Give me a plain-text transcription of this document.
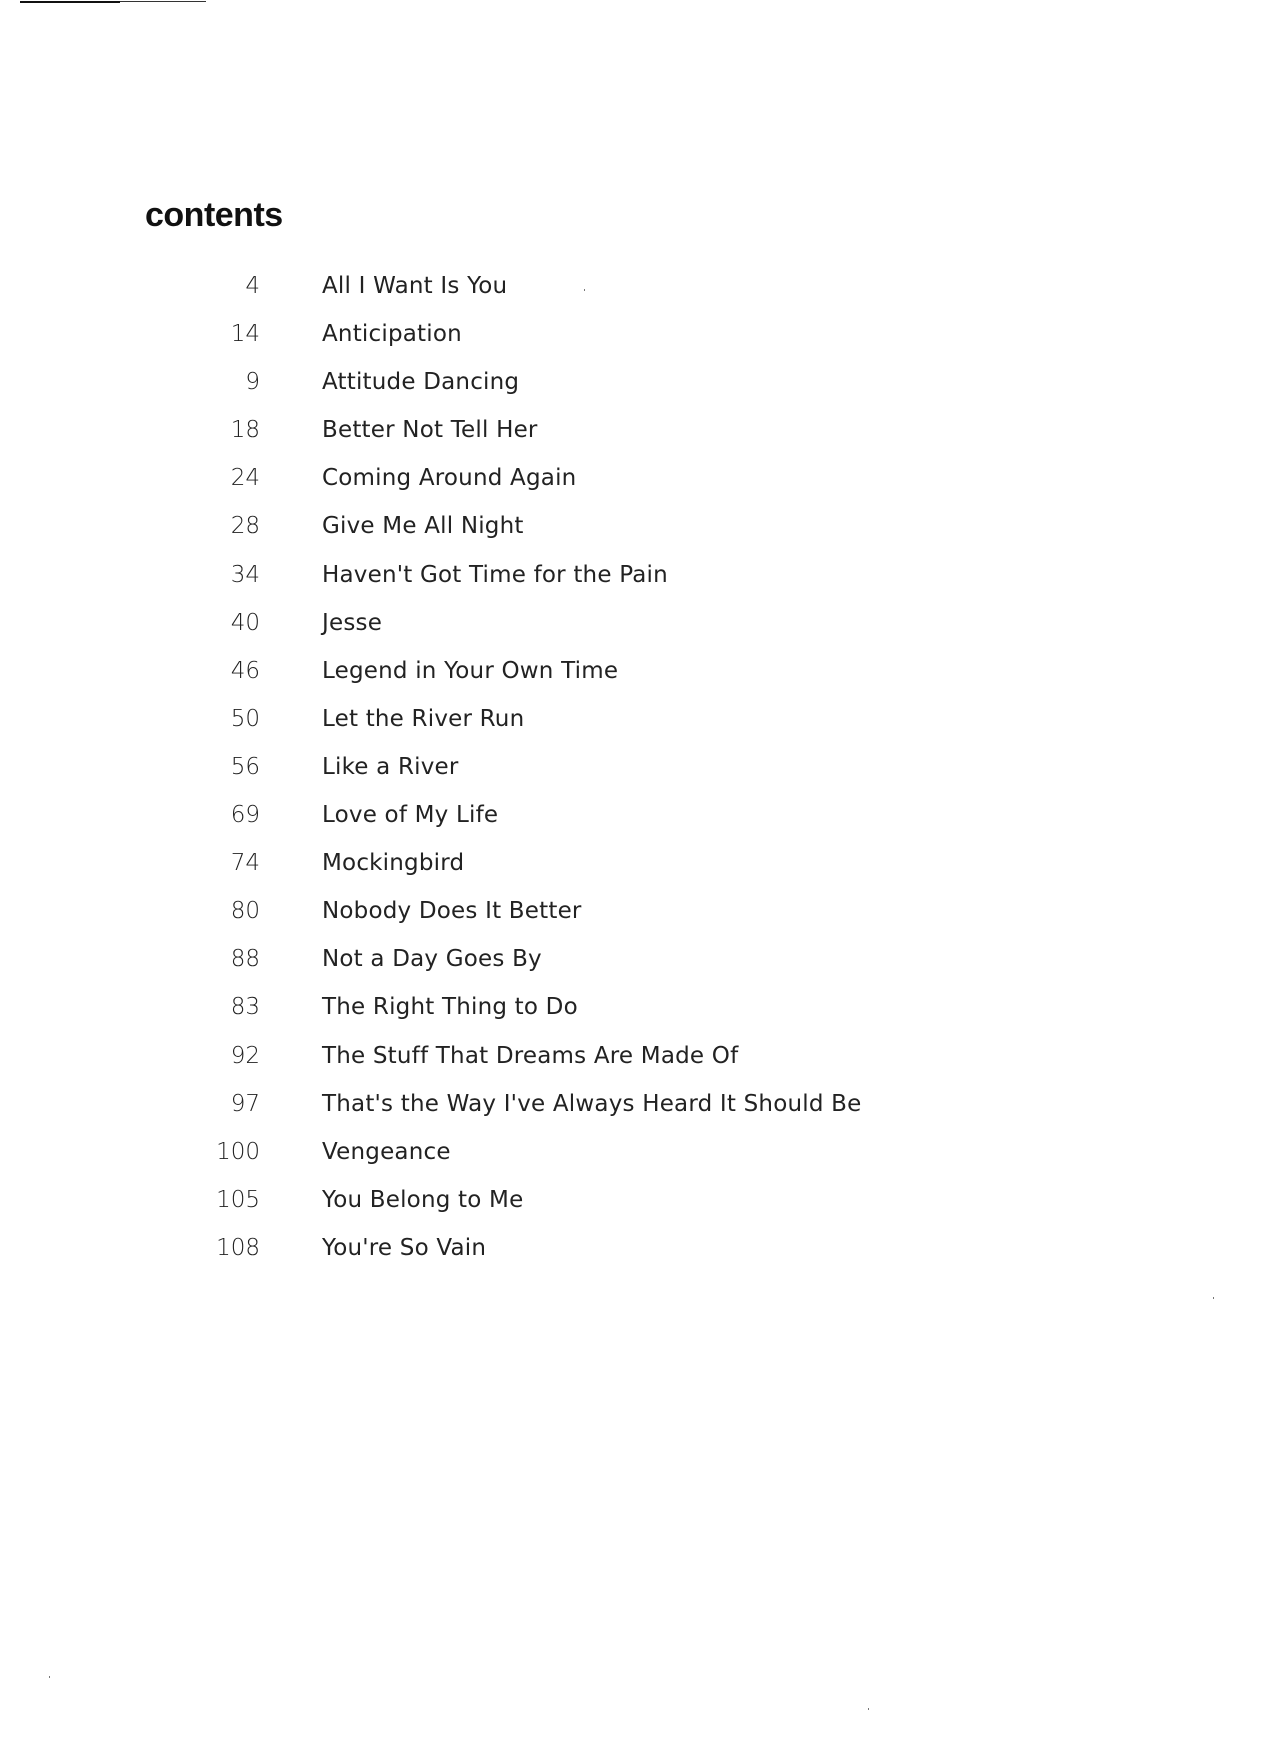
contents
4	All I Want Is You
14	Anticipation
9	Attitude Dancing
18	Better Not Tell Her
24	Coming Around Again
28	Give Me All Night
34	Haven't Got Time for the Pain
40	Jesse
46	Legend in Your Own Time
50	Let the River Run
56	Like a River
69	Love of My Life
74	Mockingbird
80	Nobody Does It Better
88	Not a Day Goes By
83	The Right Thing to Do
92	The Stuff That Dreams Are Made Of
97	That's the Way I've Always Heard It Should Be
100	Vengeance
105	You Belong to Me
108	You're So Vain
